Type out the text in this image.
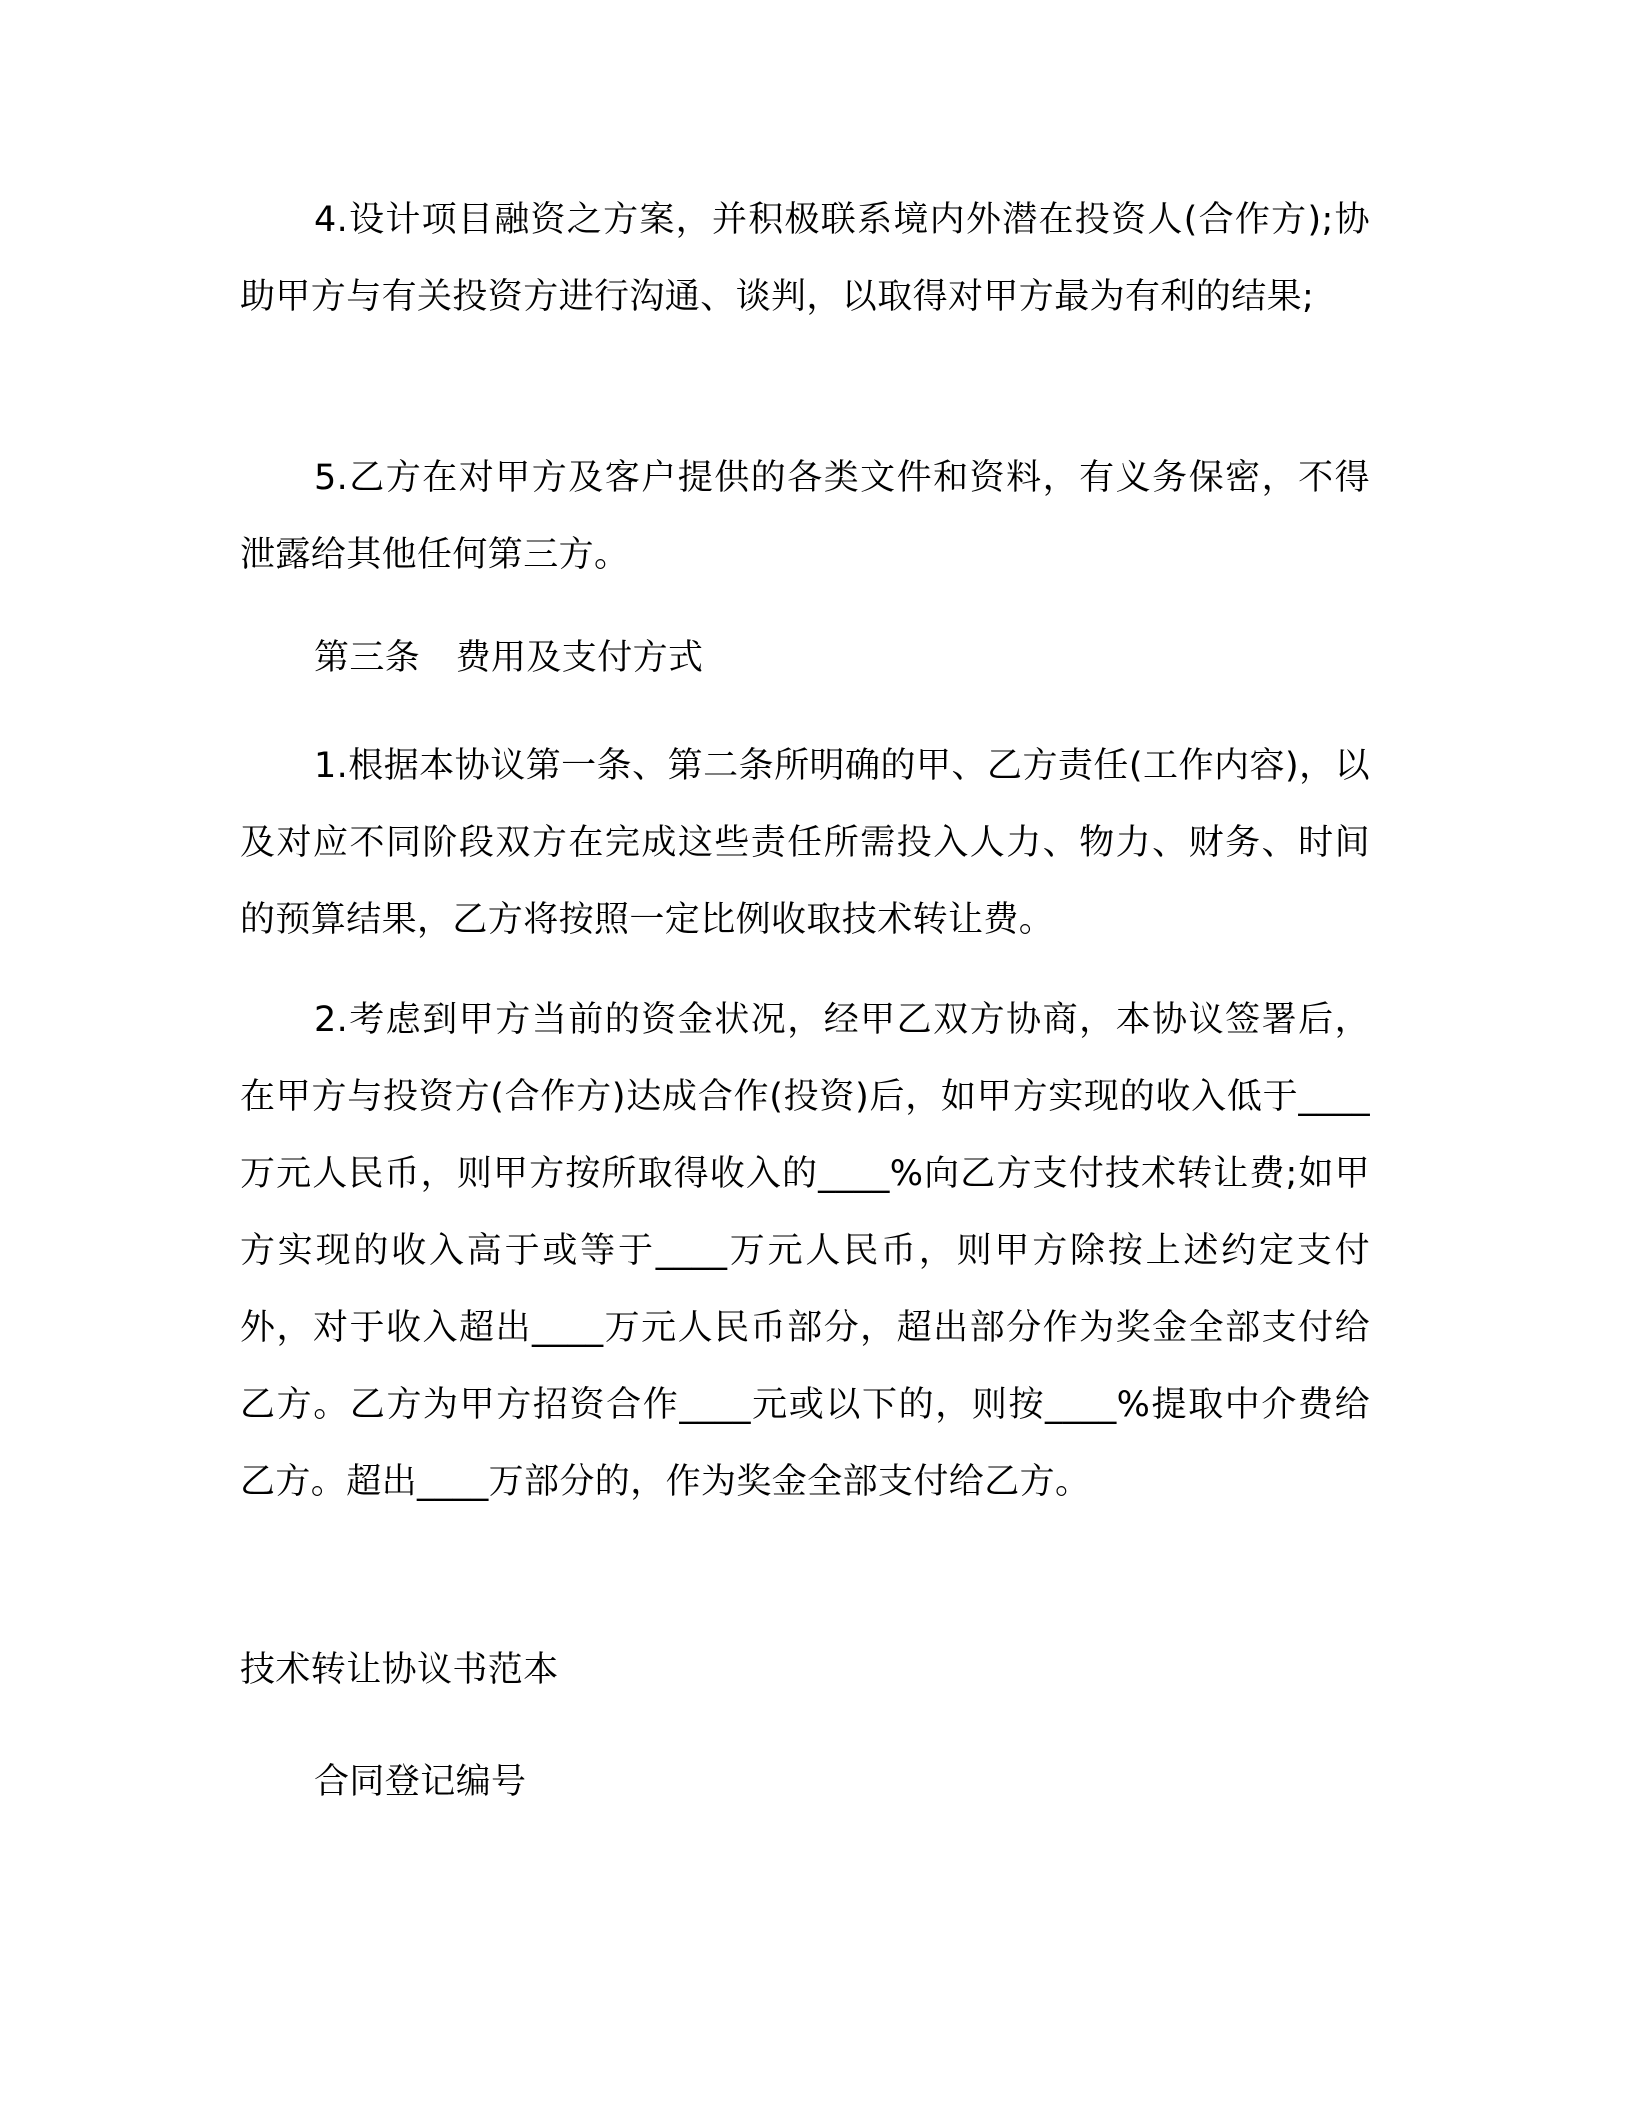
4.设计项目融资之方案，并积极联系境内外潜在投资人(合作方);协助甲方与有关投资方进行沟通、谈判，以取得对甲方最为有利的结果;
5.乙方在对甲方及客户提供的各类文件和资料，有义务保密，不得泄露给其他任何第三方。
第三条　费用及支付方式
1.根据本协议第一条、第二条所明确的甲、乙方责任(工作内容)，以及对应不同阶段双方在完成这些责任所需投入人力、物力、财务、时间的预算结果，乙方将按照一定比例收取技术转让费。
2.考虑到甲方当前的资金状况，经甲乙双方协商，本协议签署后，在甲方与投资方(合作方)达成合作(投资)后，如甲方实现的收入低于____万元人民币，则甲方按所取得收入的____%向乙方支付技术转让费;如甲方实现的收入高于或等于____万元人民币，则甲方除按上述约定支付外，对于收入超出____万元人民币部分，超出部分作为奖金全部支付给乙方。乙方为甲方招资合作____元或以下的，则按____%提取中介费给乙方。超出____万部分的，作为奖金全部支付给乙方。
技术转让协议书范本
合同登记编号
